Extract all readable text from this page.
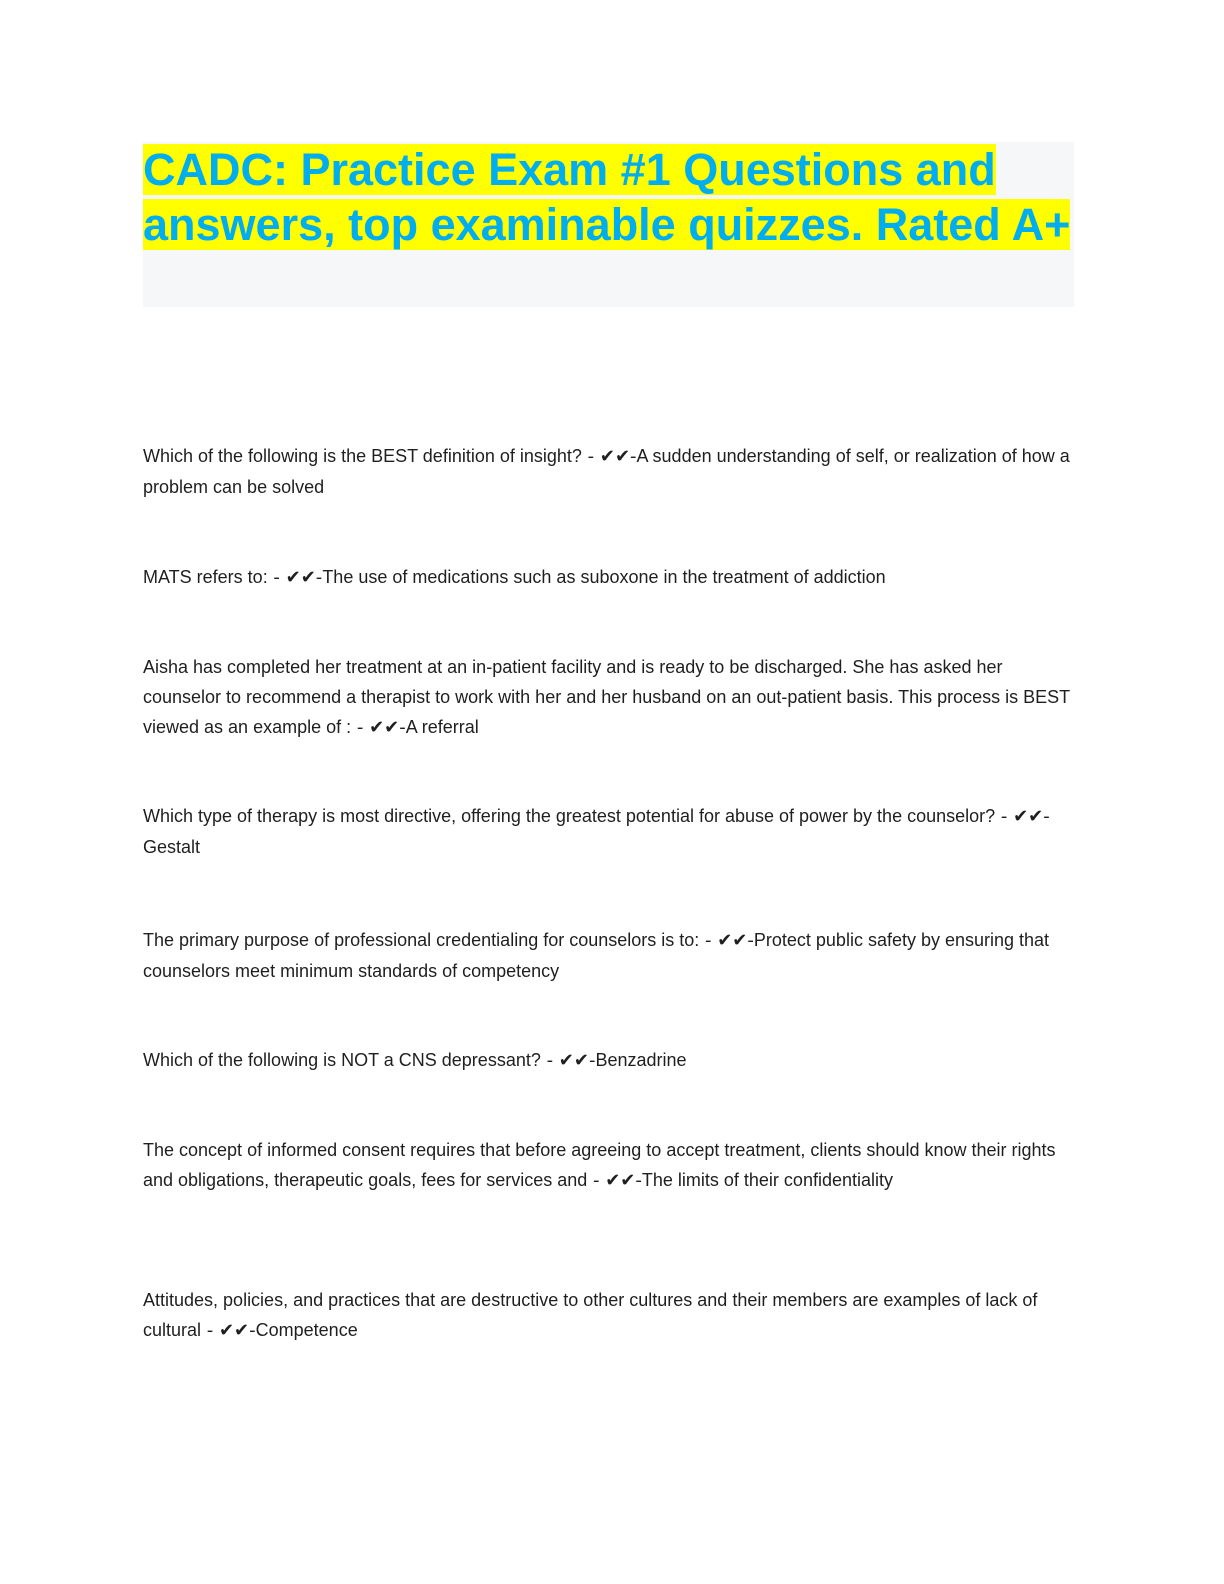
CADC: Practice Exam #1 Questions and answers, top examinable quizzes. Rated A+

Which of the following is the BEST definition of insight? - ✔✔-A sudden understanding of self, or realization of how a problem can be solved

MATS refers to: - ✔✔-The use of medications such as suboxone in the treatment of addiction

Aisha has completed her treatment at an in-patient facility and is ready to be discharged. She has asked her counselor to recommend a therapist to work with her and her husband on an out-patient basis. This process is BEST viewed as an example of : - ✔✔-A referral

Which type of therapy is most directive, offering the greatest potential for abuse of power by the counselor? - ✔✔-Gestalt

The primary purpose of professional credentialing for counselors is to: - ✔✔-Protect public safety by ensuring that counselors meet minimum standards of competency

Which of the following is NOT a CNS depressant? - ✔✔-Benzadrine

The concept of informed consent requires that before agreeing to accept treatment, clients should know their rights and obligations, therapeutic goals, fees for services and - ✔✔-The limits of their confidentiality

Attitudes, policies, and practices that are destructive to other cultures and their members are examples of lack of cultural - ✔✔-Competence
